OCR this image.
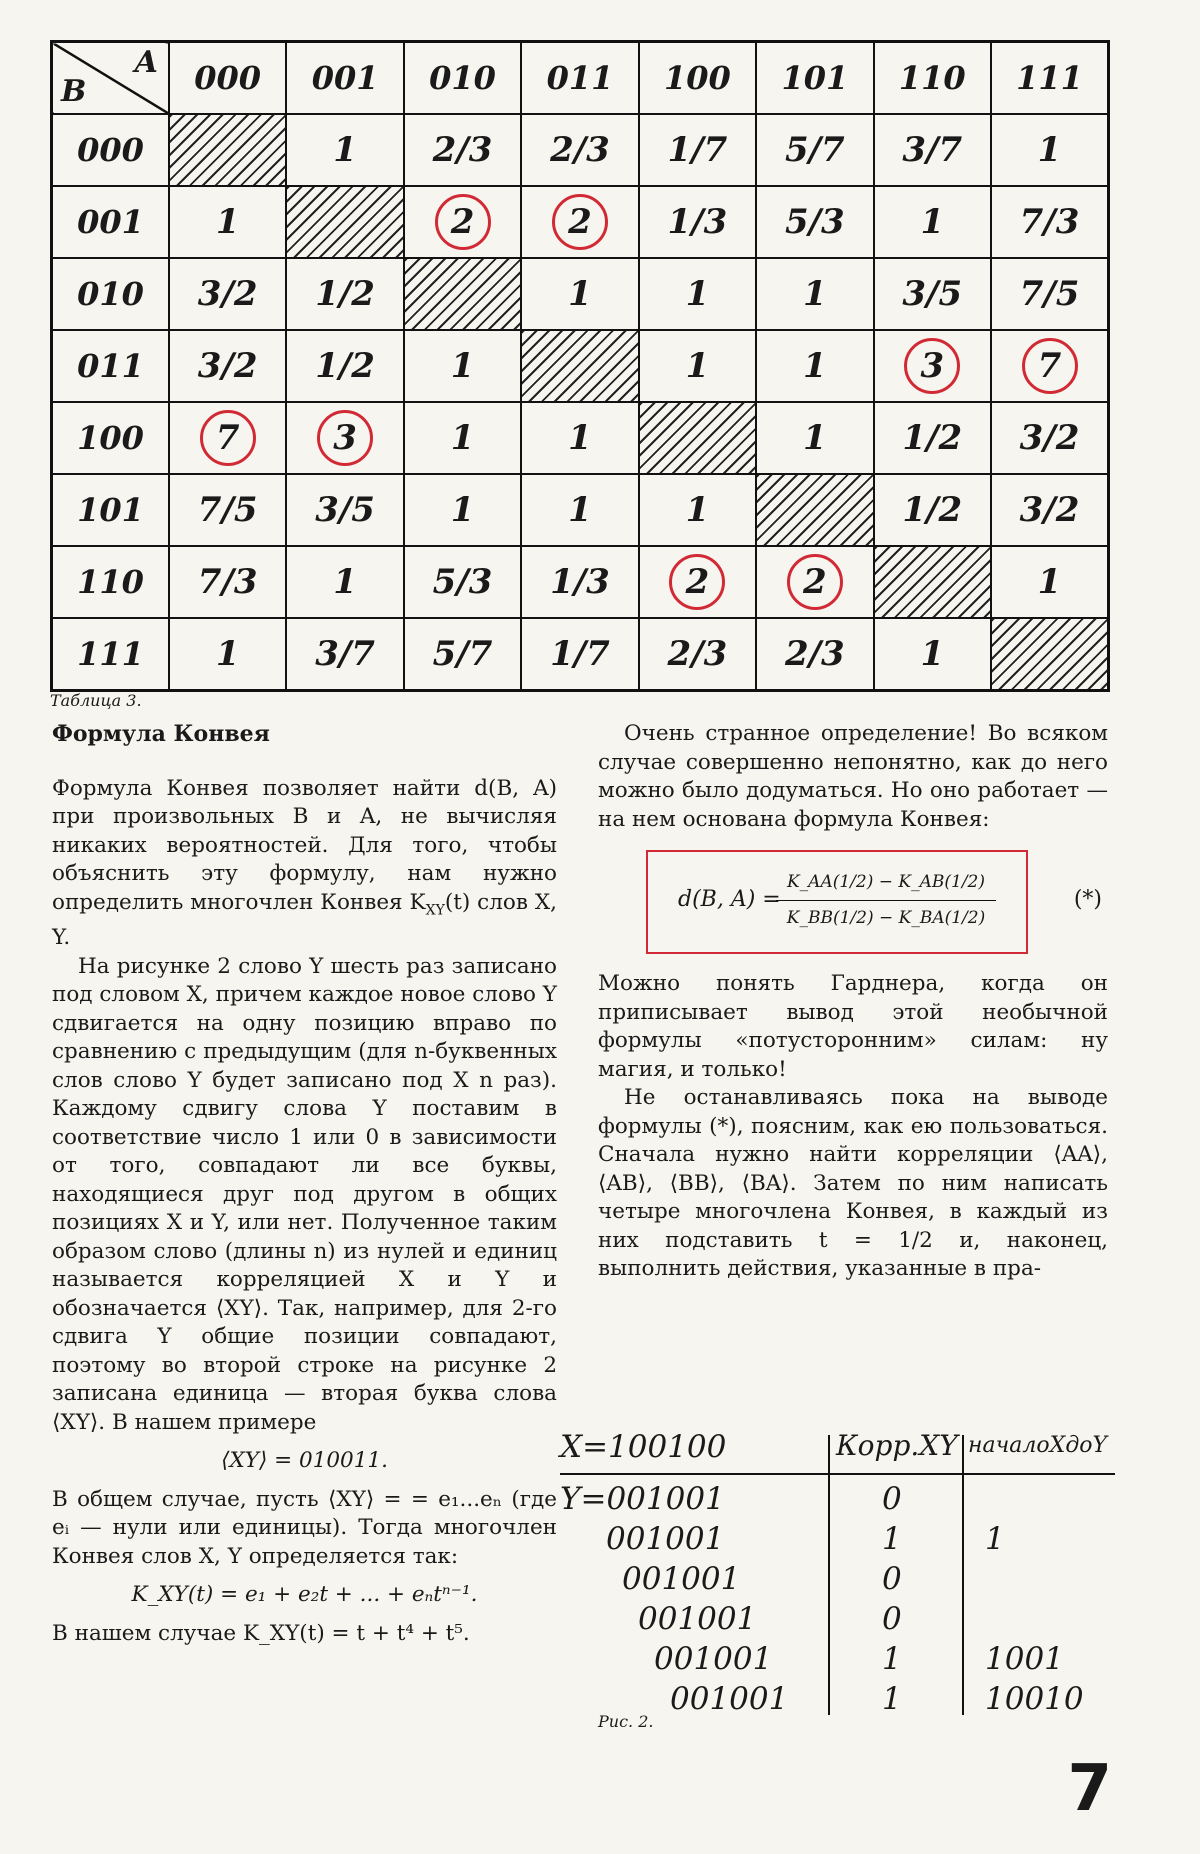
B
A	000	001	010	011	100	101	110	111
000		1	2/3	2/3	1/7	5/7	3/7	1
001	1		2	2	1/3	5/3	1	7/3
010	3/2	1/2		1	1	1	3/5	7/5
011	3/2	1/2	1		1	1	3	7
100	7	3	1	1		1	1/2	3/2
101	7/5	3/5	1	1	1		1/2	3/2
110	7/3	1	5/3	1/3	2	2		1
111	1	3/7	5/7	1/7	2/3	2/3	1	
Таблица 3.

Формула Конвея

Формула Конвея позволяет найти d(B, A) при произвольных B и A, не вычисляя никаких вероятностей. Для того, чтобы объяснить эту формулу, нам нужно определить многочлен Конвея $K_{XY}(t)$ слов X, Y.

На рисунке 2 слово Y шесть раз записано под словом X, причем каждое новое слово Y сдвигается на одну позицию вправо по сравнению с предыдущим (для n-буквенных слов слово Y будет записано под X n раз). Каждому сдвигу слова Y поставим в соответствие число 1 или 0 в зависимости от того, совпадают ли все буквы, находящиеся друг под другом в общих позициях X и Y, или нет. Полученное таким образом слово (длины n) из нулей и единиц называется корреляцией X и Y и обозначается ⟨XY⟩. Так, например, для 2-го сдвига Y общие позиции совпадают, поэтому во второй строке на рисунке 2 записана единица — вторая буква слова ⟨XY⟩. В нашем примере

⟨XY⟩ = 010011.

В общем случае, пусть ⟨XY⟩ = = e₁...eₙ (где eᵢ — нули или единицы). Тогда многочлен Конвея слов X, Y определяется так:

K_XY(t) = e₁ + e₂t + ... + eₙtⁿ⁻¹.

В нашем случае K_XY(t) = t + t⁴ + t⁵.

Очень странное определение! Во всяком случае совершенно непонятно, как до него можно было додуматься. Но оно работает — на нем основана формула Конвея:

d(B, A) =
$\frac{K\_AA(1/2) - K\_AB(1/2)}{K\_BB(1/2) - K\_BA(1/2)}$	(*)

Можно понять Гарднера, когда он приписывает вывод этой необычной формулы «потусторонним» силам: ну магия, и только!

Не останавливаясь пока на выводе формулы (*), поясним, как ею пользоваться. Сначала нужно найти корреляции ⟨AA⟩, ⟨AB⟩, ⟨BB⟩, ⟨BA⟩. Затем по ним написать четыре многочлена Конвея, в каждый из них подставить t = 1/2 и, наконец, выполнить действия, указанные в пра-

X=100100	Корр.XY началоXдоY
Y=001001	0
001001	1	1
001001	0
001001	0
001001	1	1001
001001	1	10010
Рис. 2.
7
